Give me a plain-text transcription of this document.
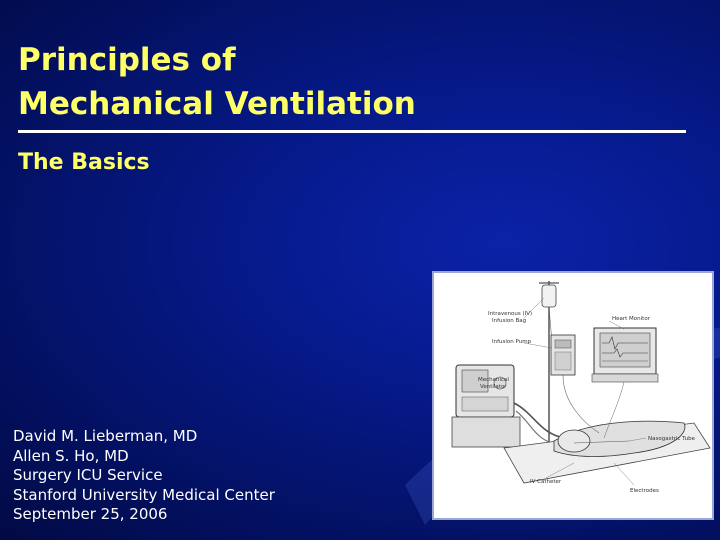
Principles of
Mechanical Ventilation
The Basics
David M. Lieberman, MD
Allen S. Ho, MD
Surgery ICU Service
Stanford University Medical Center
September 25, 2006
Intravenous (IV)
Infusion Bag	Heart Monitor
Infusion Pump
Mechanical
Ventilator
Nasogastric Tube
IV Catheter
Electrodes
